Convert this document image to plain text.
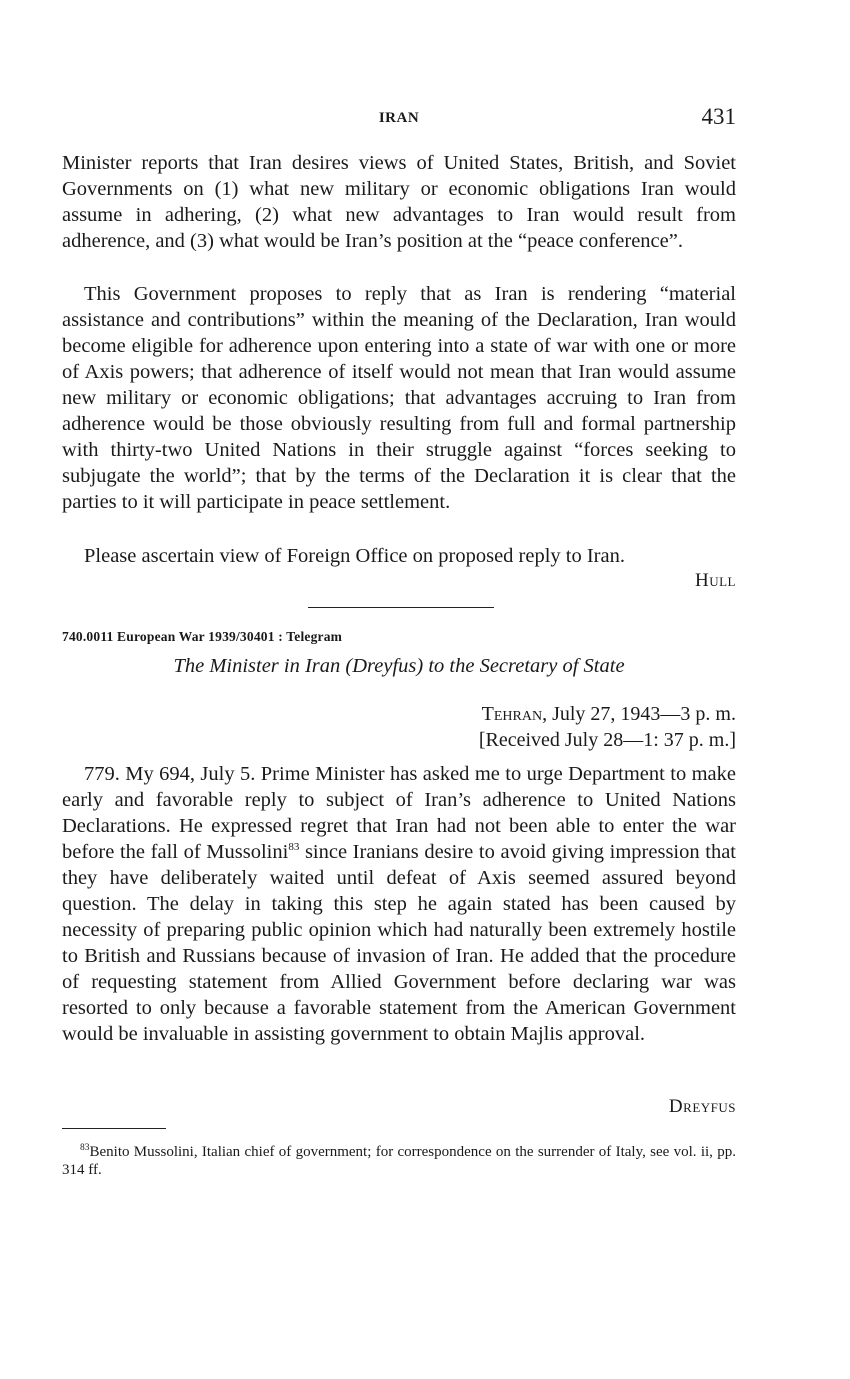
IRAN	431

Minister reports that Iran desires views of United States, British, and Soviet Governments on (1) what new military or economic obligations Iran would assume in adhering, (2) what new advantages to Iran would result from adherence, and (3) what would be Iran’s position at the “peace conference”.

This Government proposes to reply that as Iran is rendering “material assistance and contributions” within the meaning of the Declaration, Iran would become eligible for adherence upon entering into a state of war with one or more of Axis powers; that adherence of itself would not mean that Iran would assume new military or economic obligations; that advantages accruing to Iran from adherence would be those obviously resulting from full and formal partnership with thirty-two United Nations in their struggle against “forces seeking to subjugate the world”; that by the terms of the Declaration it is clear that the parties to it will participate in peace settlement.

Please ascertain view of Foreign Office on proposed reply to Iran.

Hull
740.0011 European War 1939/30401 : Telegram
The Minister in Iran (Dreyfus) to the Secretary of State
Tehran, July 27, 1943—3 p. m.
[Received July 28—1: 37 p. m.]

779. My 694, July 5. Prime Minister has asked me to urge Department to make early and favorable reply to subject of Iran’s adherence to United Nations Declarations. He expressed regret that Iran had not been able to enter the war before the fall of Mussolini$^{83}$ since Iranians desire to avoid giving impression that they have deliberately waited until defeat of Axis seemed assured beyond question. The delay in taking this step he again stated has been caused by necessity of preparing public opinion which had naturally been extremely hostile to British and Russians because of invasion of Iran. He added that the procedure of requesting statement from Allied Government before declaring war was resorted to only because a favorable statement from the American Government would be invaluable in assisting government to obtain Majlis approval.

Dreyfus

$^{83}$Benito Mussolini, Italian chief of government; for correspondence on the surrender of Italy, see vol. ii, pp. 314 ff.
